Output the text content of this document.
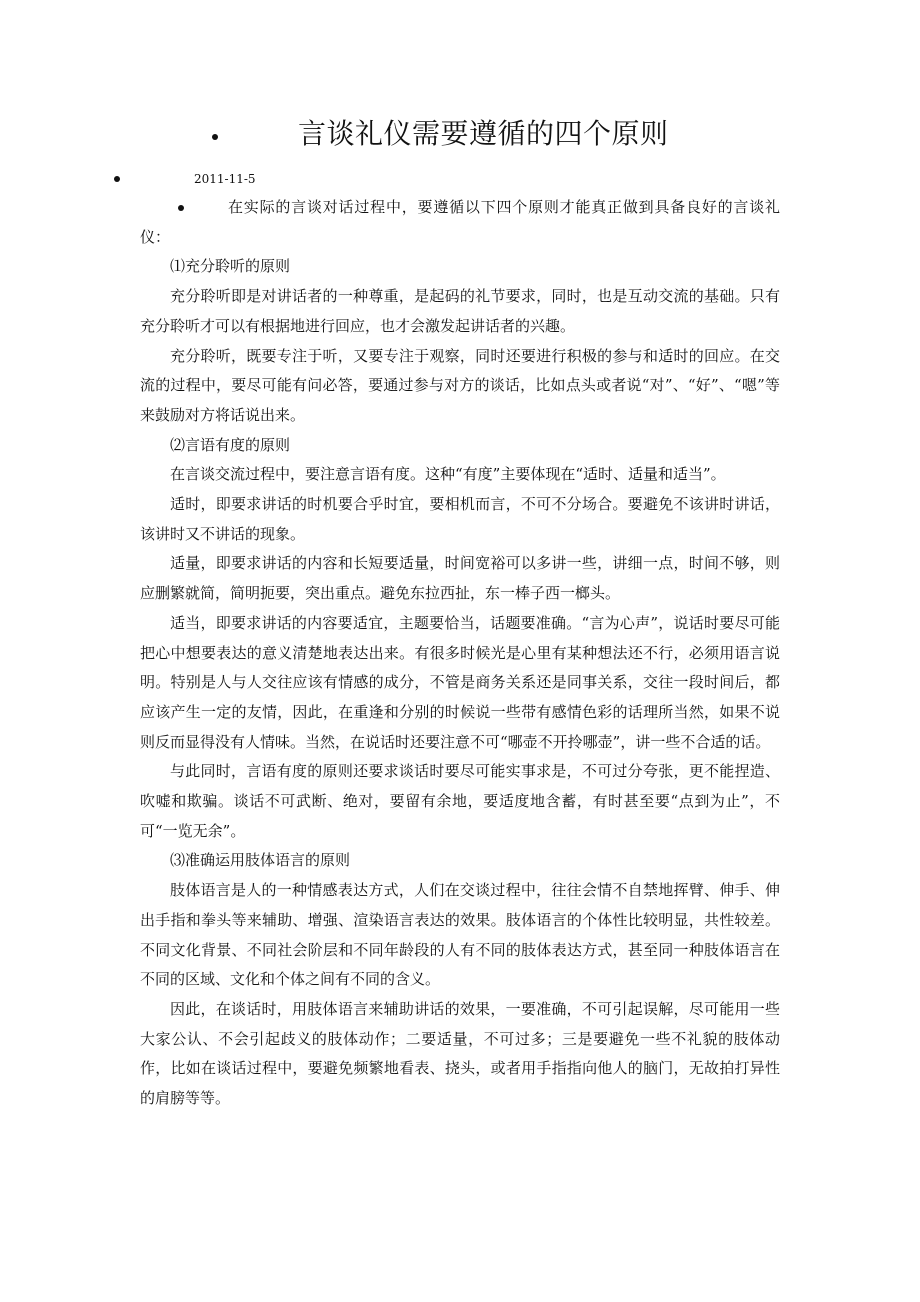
言谈礼仪需要遵循的四个原则
2011-11-5

在实际的言谈对话过程中，要遵循以下四个原则才能真正做到具备良好的言谈礼仪：

⑴充分聆听的原则

充分聆听即是对讲话者的一种尊重，是起码的礼节要求，同时，也是互动交流的基础。只有充分聆听才可以有根据地进行回应，也才会激发起讲话者的兴趣。

充分聆听，既要专注于听，又要专注于观察，同时还要进行积极的参与和适时的回应。在交流的过程中，要尽可能有问必答，要通过参与对方的谈话，比如点头或者说“对”、“好”、“嗯”等来鼓励对方将话说出来。

⑵言语有度的原则

在言谈交流过程中，要注意言语有度。这种“有度”主要体现在“适时、适量和适当”。

适时，即要求讲话的时机要合乎时宜，要相机而言，不可不分场合。要避免不该讲时讲话，该讲时又不讲话的现象。

适量，即要求讲话的内容和长短要适量，时间宽裕可以多讲一些，讲细一点，时间不够，则应删繁就简，简明扼要，突出重点。避免东拉西扯，东一棒子西一榔头。

适当，即要求讲话的内容要适宜，主题要恰当，话题要准确。“言为心声”，说话时要尽可能把心中想要表达的意义清楚地表达出来。有很多时候光是心里有某种想法还不行，必须用语言说明。特别是人与人交往应该有情感的成分，不管是商务关系还是同事关系，交往一段时间后，都应该产生一定的友情，因此，在重逢和分别的时候说一些带有感情色彩的话理所当然，如果不说则反而显得没有人情味。当然，在说话时还要注意不可“哪壶不开拎哪壶”，讲一些不合适的话。

与此同时，言语有度的原则还要求谈话时要尽可能实事求是，不可过分夸张，更不能捏造、吹嘘和欺骗。谈话不可武断、绝对，要留有余地，要适度地含蓄，有时甚至要“点到为止”，不可“一览无余”。

⑶准确运用肢体语言的原则

肢体语言是人的一种情感表达方式，人们在交谈过程中，往往会情不自禁地挥臂、伸手、伸出手指和拳头等来辅助、增强、渲染语言表达的效果。肢体语言的个体性比较明显，共性较差。不同文化背景、不同社会阶层和不同年龄段的人有不同的肢体表达方式，甚至同一种肢体语言在不同的区域、文化和个体之间有不同的含义。

因此，在谈话时，用肢体语言来辅助讲话的效果，一要准确，不可引起误解，尽可能用一些大家公认、不会引起歧义的肢体动作；二要适量，不可过多；三是要避免一些不礼貌的肢体动作，比如在谈话过程中，要避免频繁地看表、挠头，或者用手指指向他人的脑门，无故拍打异性的肩膀等等。
